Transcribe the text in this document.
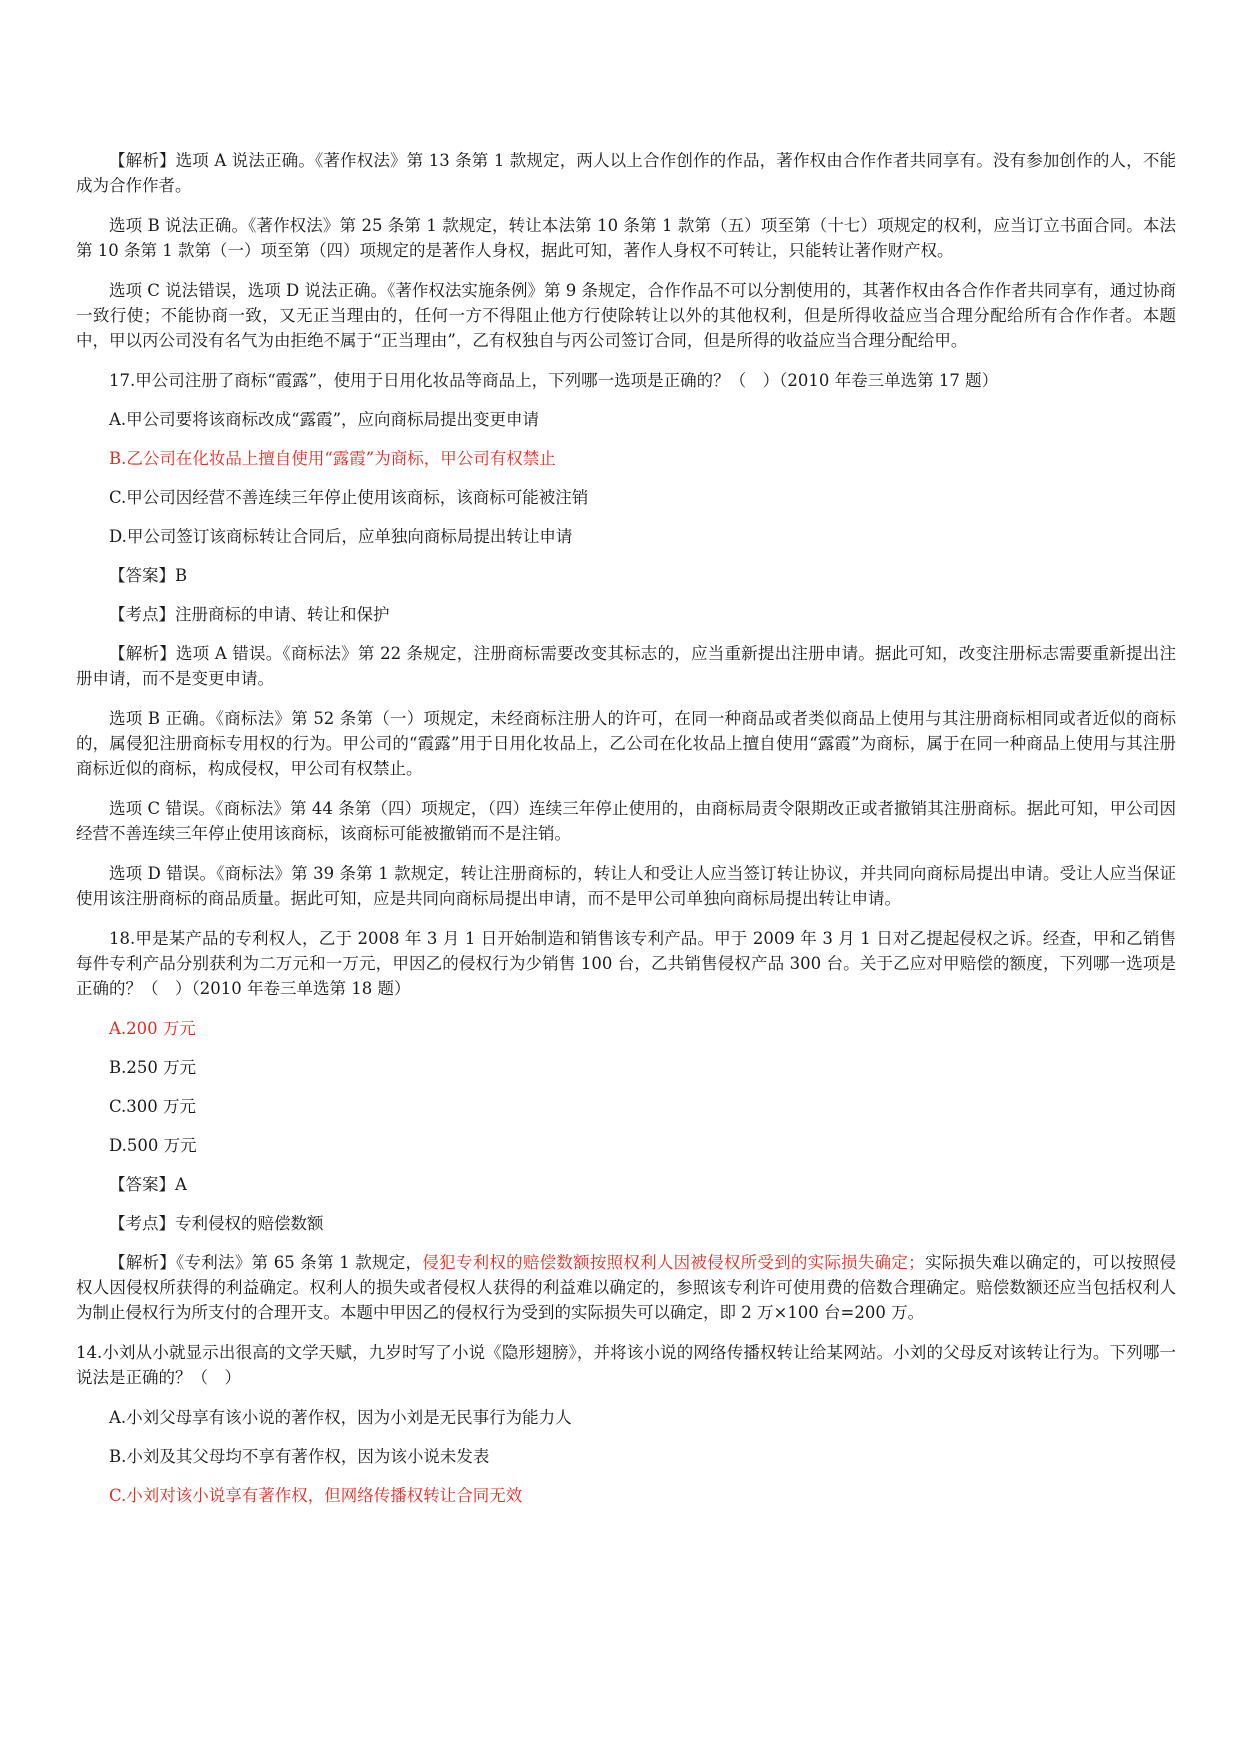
【解析】选项 A 说法正确。《著作权法》第 13 条第 1 款规定，两人以上合作创作的作品，著作权由合作作者共同享有。没有参加创作的人，不能成为合作作者。

选项 B 说法正确。《著作权法》第 25 条第 1 款规定，转让本法第 10 条第 1 款第（五）项至第（十七）项规定的权利，应当订立书面合同。本法第 10 条第 1 款第（一）项至第（四）项规定的是著作人身权，据此可知，著作人身权不可转让，只能转让著作财产权。

选项 C 说法错误，选项 D 说法正确。《著作权法实施条例》第 9 条规定，合作作品不可以分割使用的，其著作权由各合作作者共同享有，通过协商一致行使；不能协商一致，又无正当理由的，任何一方不得阻止他方行使除转让以外的其他权利，但是所得收益应当合理分配给所有合作作者。本题中，甲以丙公司没有名气为由拒绝不属于“正当理由”，乙有权独自与丙公司签订合同，但是所得的收益应当合理分配给甲。

17.甲公司注册了商标“霞露”，使用于日用化妆品等商品上，下列哪一选项是正确的？（　）（2010 年卷三单选第 17 题）

A.甲公司要将该商标改成“露霞”，应向商标局提出变更申请

B.乙公司在化妆品上擅自使用“露霞”为商标，甲公司有权禁止

C.甲公司因经营不善连续三年停止使用该商标，该商标可能被注销

D.甲公司签订该商标转让合同后，应单独向商标局提出转让申请

【答案】B

【考点】注册商标的申请、转让和保护

【解析】选项 A 错误。《商标法》第 22 条规定，注册商标需要改变其标志的，应当重新提出注册申请。据此可知，改变注册标志需要重新提出注册申请，而不是变更申请。

选项 B 正确。《商标法》第 52 条第（一）项规定，未经商标注册人的许可，在同一种商品或者类似商品上使用与其注册商标相同或者近似的商标的，属侵犯注册商标专用权的行为。甲公司的“霞露”用于日用化妆品上，乙公司在化妆品上擅自使用“露霞”为商标，属于在同一种商品上使用与其注册商标近似的商标，构成侵权，甲公司有权禁止。

选项 C 错误。《商标法》第 44 条第（四）项规定，（四）连续三年停止使用的，由商标局责令限期改正或者撤销其注册商标。据此可知，甲公司因经营不善连续三年停止使用该商标，该商标可能被撤销而不是注销。

选项 D 错误。《商标法》第 39 条第 1 款规定，转让注册商标的，转让人和受让人应当签订转让协议，并共同向商标局提出申请。受让人应当保证使用该注册商标的商品质量。据此可知，应是共同向商标局提出申请，而不是甲公司单独向商标局提出转让申请。

18.甲是某产品的专利权人，乙于 2008 年 3 月 1 日开始制造和销售该专利产品。甲于 2009 年 3 月 1 日对乙提起侵权之诉。经查，甲和乙销售每件专利产品分别获利为二万元和一万元，甲因乙的侵权行为少销售 100 台，乙共销售侵权产品 300 台。关于乙应对甲赔偿的额度，下列哪一选项是正确的？（　）（2010 年卷三单选第 18 题）

A.200 万元

B.250 万元

C.300 万元

D.500 万元

【答案】A

【考点】专利侵权的赔偿数额

【解析】《专利法》第 65 条第 1 款规定，侵犯专利权的赔偿数额按照权利人因被侵权所受到的实际损失确定；实际损失难以确定的，可以按照侵权人因侵权所获得的利益确定。权利人的损失或者侵权人获得的利益难以确定的，参照该专利许可使用费的倍数合理确定。赔偿数额还应当包括权利人为制止侵权行为所支付的合理开支。本题中甲因乙的侵权行为受到的实际损失可以确定，即 2 万×100 台=200 万。

14.小刘从小就显示出很高的文学天赋，九岁时写了小说《隐形翅膀》，并将该小说的网络传播权转让给某网站。小刘的父母反对该转让行为。下列哪一说法是正确的？（　）

A.小刘父母享有该小说的著作权，因为小刘是无民事行为能力人

B.小刘及其父母均不享有著作权，因为该小说未发表

C.小刘对该小说享有著作权，但网络传播权转让合同无效
